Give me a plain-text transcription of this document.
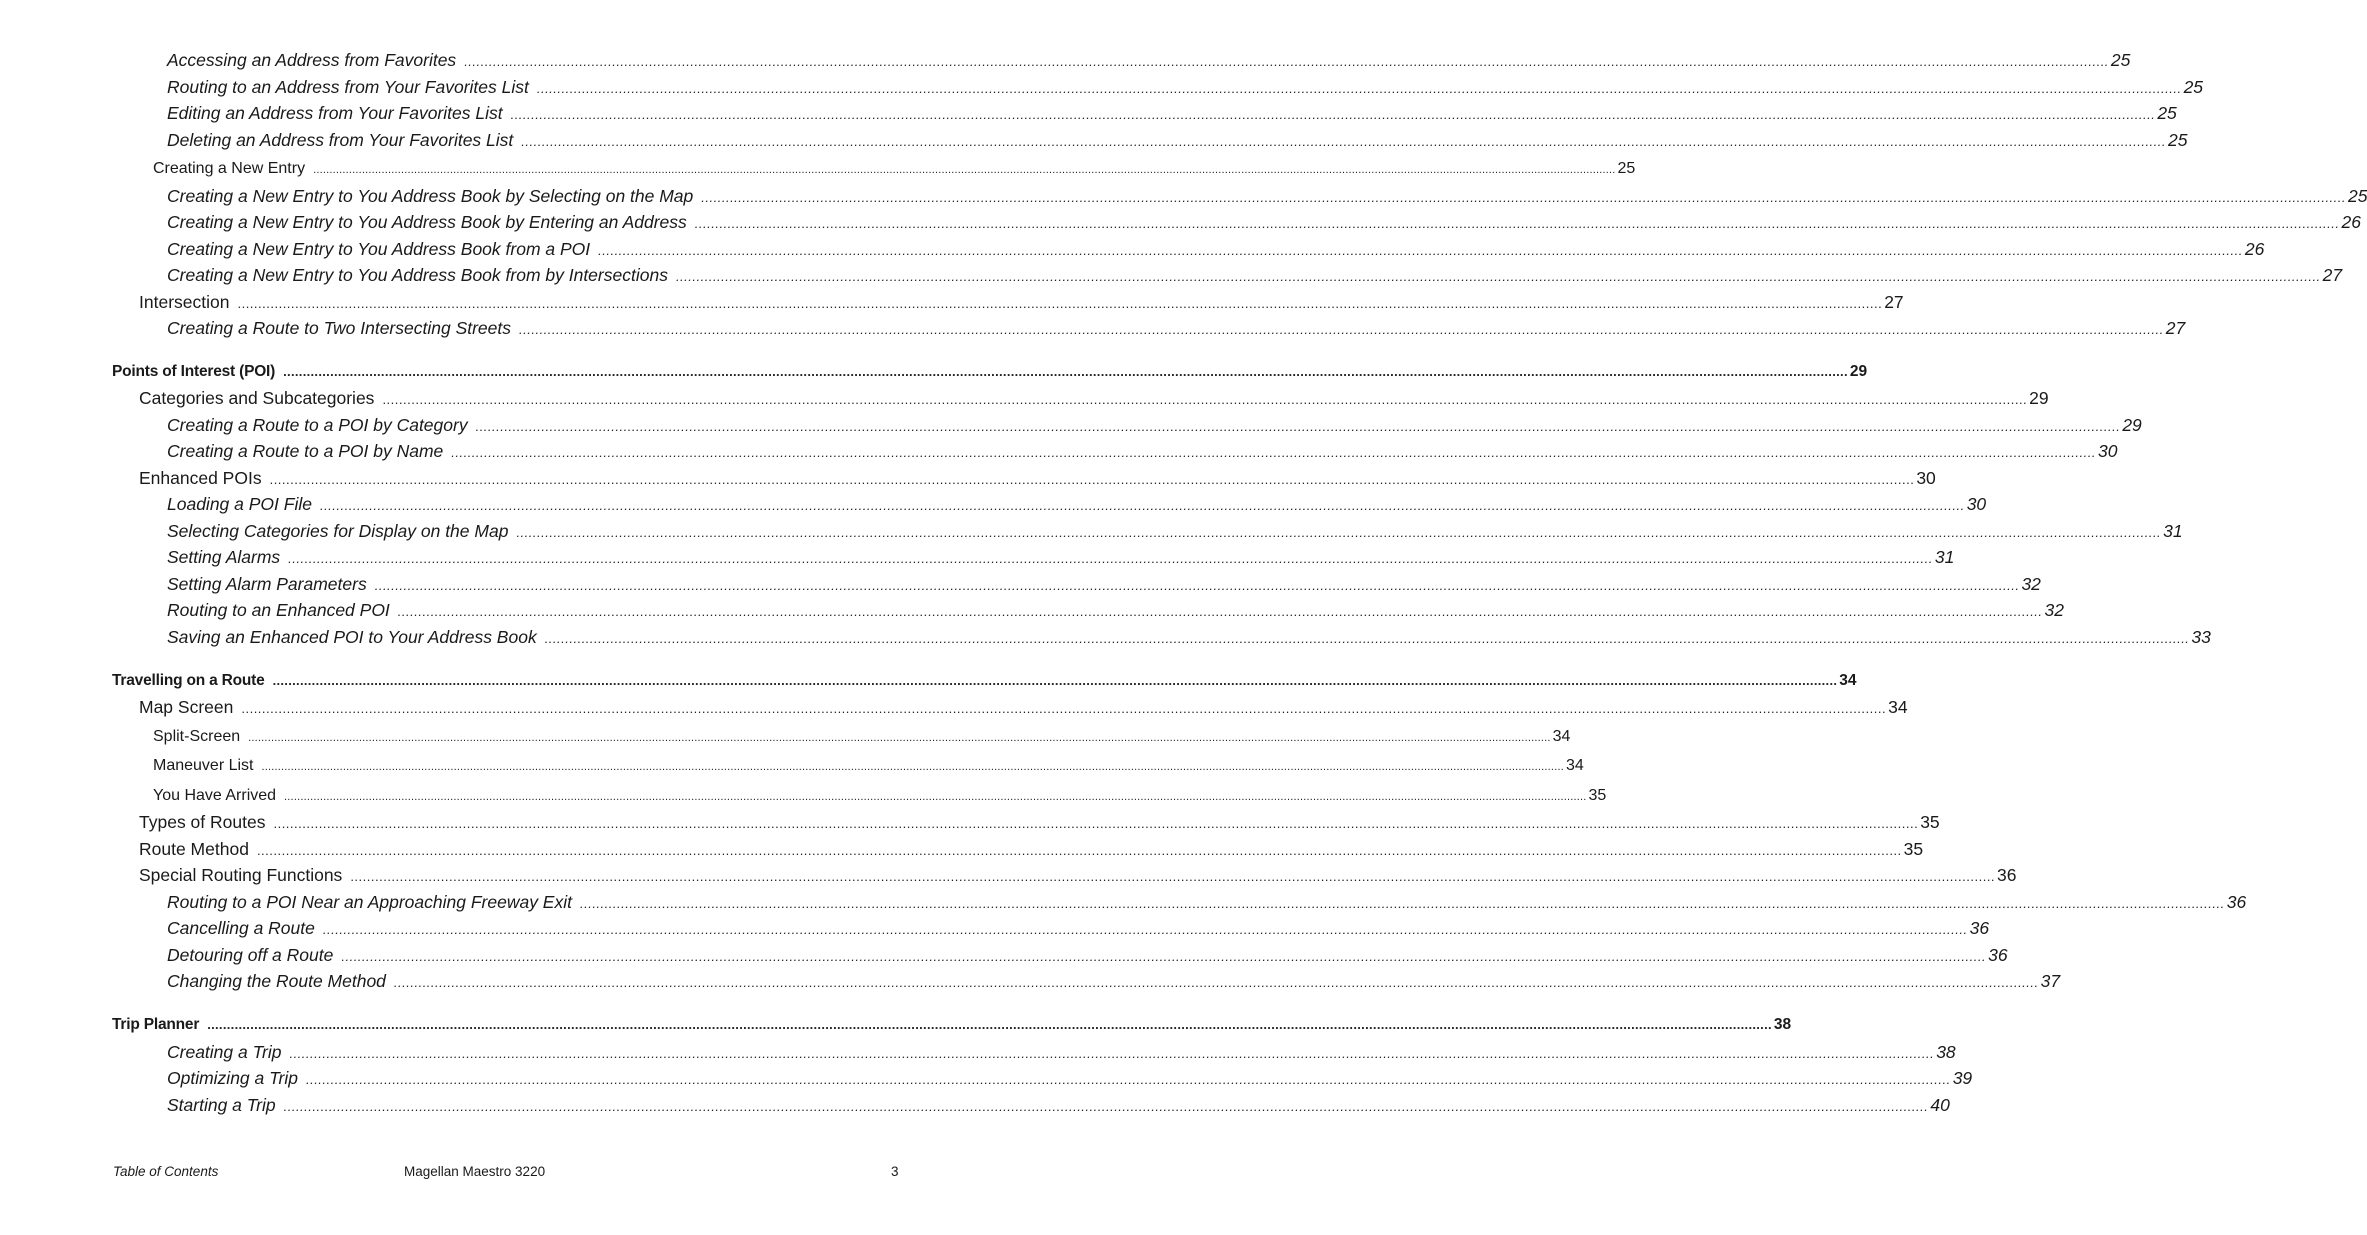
Accessing an Address from Favorites ................................................................................................................................................................................................................................................................................................................................................................................................................ 25
Routing to an Address from Your Favorites List ................................................................................................................................................................................................................................................................................................................................................................................................................ 25
Editing an Address from Your Favorites List ................................................................................................................................................................................................................................................................................................................................................................................................................ 25
Deleting an Address from Your Favorites List ................................................................................................................................................................................................................................................................................................................................................................................................................ 25
Creating a New Entry ................................................................................................................................................................................................................................................................................................................................................................................................................ 25
Creating a New Entry to You Address Book by Selecting on the Map ................................................................................................................................................................................................................................................................................................................................................................................................................ 25
Creating a New Entry to You Address Book by Entering an Address ................................................................................................................................................................................................................................................................................................................................................................................................................ 26
Creating a New Entry to You Address Book from a POI ................................................................................................................................................................................................................................................................................................................................................................................................................ 26
Creating a New Entry to You Address Book from by Intersections ................................................................................................................................................................................................................................................................................................................................................................................................................ 27
Intersection ................................................................................................................................................................................................................................................................................................................................................................................................................ 27
Creating a Route to Two Intersecting Streets ................................................................................................................................................................................................................................................................................................................................................................................................................ 27
Points of Interest (POI) ................................................................................................................................................................................................................................................................................................................................................................................................................ 29
Categories and Subcategories ................................................................................................................................................................................................................................................................................................................................................................................................................ 29
Creating a Route to a POI by Category ................................................................................................................................................................................................................................................................................................................................................................................................................ 29
Creating a Route to a POI by Name ................................................................................................................................................................................................................................................................................................................................................................................................................ 30
Enhanced POIs ................................................................................................................................................................................................................................................................................................................................................................................................................ 30
Loading a POI File ................................................................................................................................................................................................................................................................................................................................................................................................................ 30
Selecting Categories for Display on the Map ................................................................................................................................................................................................................................................................................................................................................................................................................ 31
Setting Alarms ................................................................................................................................................................................................................................................................................................................................................................................................................ 31
Setting Alarm Parameters ................................................................................................................................................................................................................................................................................................................................................................................................................ 32
Routing to an Enhanced POI ................................................................................................................................................................................................................................................................................................................................................................................................................ 32
Saving an Enhanced POI to Your Address Book ................................................................................................................................................................................................................................................................................................................................................................................................................ 33
Travelling on a Route ................................................................................................................................................................................................................................................................................................................................................................................................................ 34
Map Screen ................................................................................................................................................................................................................................................................................................................................................................................................................ 34
Split-Screen ................................................................................................................................................................................................................................................................................................................................................................................................................ 34
Maneuver List ................................................................................................................................................................................................................................................................................................................................................................................................................ 34
You Have Arrived ................................................................................................................................................................................................................................................................................................................................................................................................................ 35
Types of Routes ................................................................................................................................................................................................................................................................................................................................................................................................................ 35
Route Method ................................................................................................................................................................................................................................................................................................................................................................................................................ 35
Special Routing Functions ................................................................................................................................................................................................................................................................................................................................................................................................................ 36
Routing to a POI Near an Approaching Freeway Exit ................................................................................................................................................................................................................................................................................................................................................................................................................ 36
Cancelling a Route ................................................................................................................................................................................................................................................................................................................................................................................................................ 36
Detouring off a Route ................................................................................................................................................................................................................................................................................................................................................................................................................ 36
Changing the Route Method ................................................................................................................................................................................................................................................................................................................................................................................................................ 37
Trip Planner ................................................................................................................................................................................................................................................................................................................................................................................................................ 38
Creating a Trip ................................................................................................................................................................................................................................................................................................................................................................................................................ 38
Optimizing a Trip ................................................................................................................................................................................................................................................................................................................................................................................................................ 39
Starting a Trip ................................................................................................................................................................................................................................................................................................................................................................................................................ 40
Table of Contents	Magellan Maestro 3220	3
